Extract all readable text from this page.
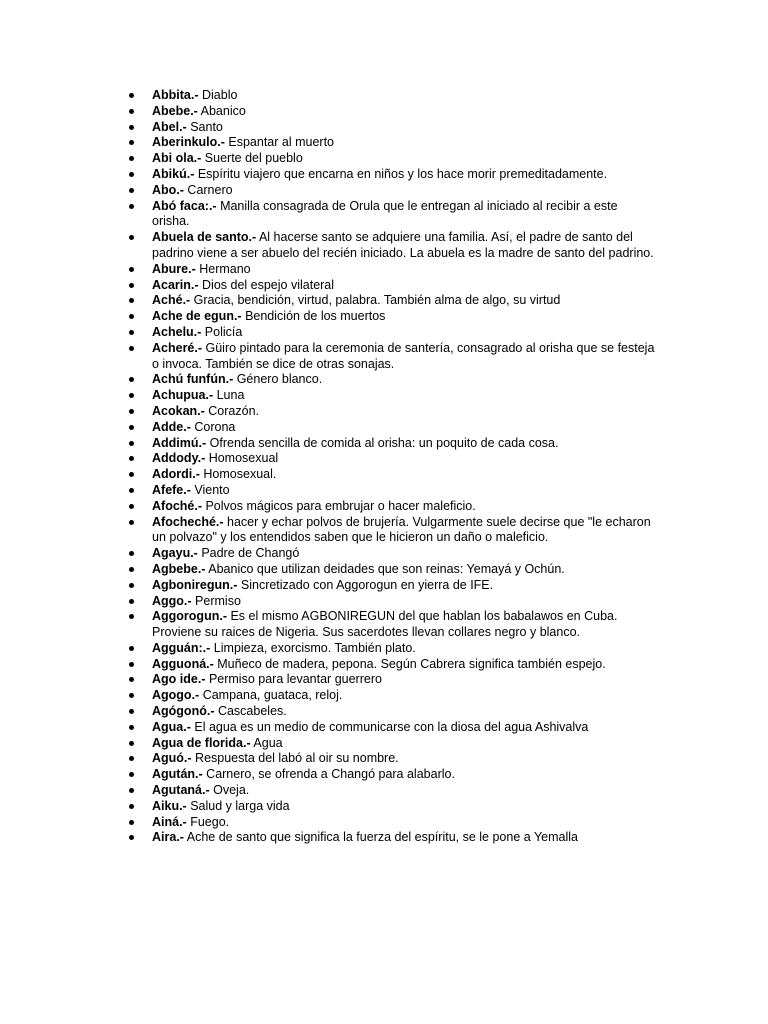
Abbita.- Diablo
Abebe.- Abanico
Abel.- Santo
Aberinkulo.- Espantar al muerto
Abi ola.- Suerte del pueblo
Abikú.- Espíritu viajero que encarna en niños y los hace morir premeditadamente.
Abo.- Carnero
Abó faca:.- Manilla consagrada de Orula que le entregan al iniciado al recibir a este orisha.
Abuela de santo.- Al hacerse santo se adquiere una familia. Así, el padre de santo del padrino viene a ser abuelo del recién iniciado. La abuela es la madre de santo del padrino.
Abure.- Hermano
Acarin.- Dios del espejo vilateral
Aché.- Gracia, bendición, virtud, palabra. También alma de algo, su virtud
Ache de egun.- Bendición de los muertos
Achelu.- Policía
Acheré.- Güiro pintado para la ceremonia de santería, consagrado al orisha que se festeja o invoca. También se dice de otras sonajas.
Achú funfún.- Género blanco.
Achupua.- Luna
Acokan.- Corazón.
Adde.- Corona
Addimú.- Ofrenda sencilla de comida al orisha: un poquito de cada cosa.
Addody.- Homosexual
Adordi.- Homosexual.
Afefe.- Viento
Afoché.- Polvos mágicos para embrujar o hacer maleficio.
Afocheché.- hacer y echar polvos de brujería. Vulgarmente suele decirse que "le echaron un polvazo" y los entendidos saben que le hicieron un daño o maleficio.
Agayu.- Padre de Changó
Agbebe.- Abanico que utilizan deidades que son reinas: Yemayá y Ochún.
Agboniregun.- Sincretizado con Aggorogun en yierra de IFE.
Aggo.- Permiso
Aggorogun.- Es el mismo AGBONIREGUN del que hablan los babalawos en Cuba. Proviene su raices de Nigeria. Sus sacerdotes llevan collares negro y blanco.
Agguán:.- Limpieza, exorcismo. También plato.
Agguoná.- Muñeco de madera, pepona. Según Cabrera significa también espejo.
Ago ide.- Permiso para levantar guerrero
Agogo.- Campana, guataca, reloj.
Agógonó.- Cascabeles.
Agua.- El agua es un medio de communicarse con la diosa del agua Ashivalva
Agua de florida.- Agua
Aguó.- Respuesta del labó al oir su nombre.
Agután.- Carnero, se ofrenda a Changó para alabarlo.
Agutaná.- Oveja.
Aiku.- Salud y larga vida
Ainá.- Fuego.
Aira.- Ache de santo que significa la fuerza del espíritu, se le pone a Yemalla
